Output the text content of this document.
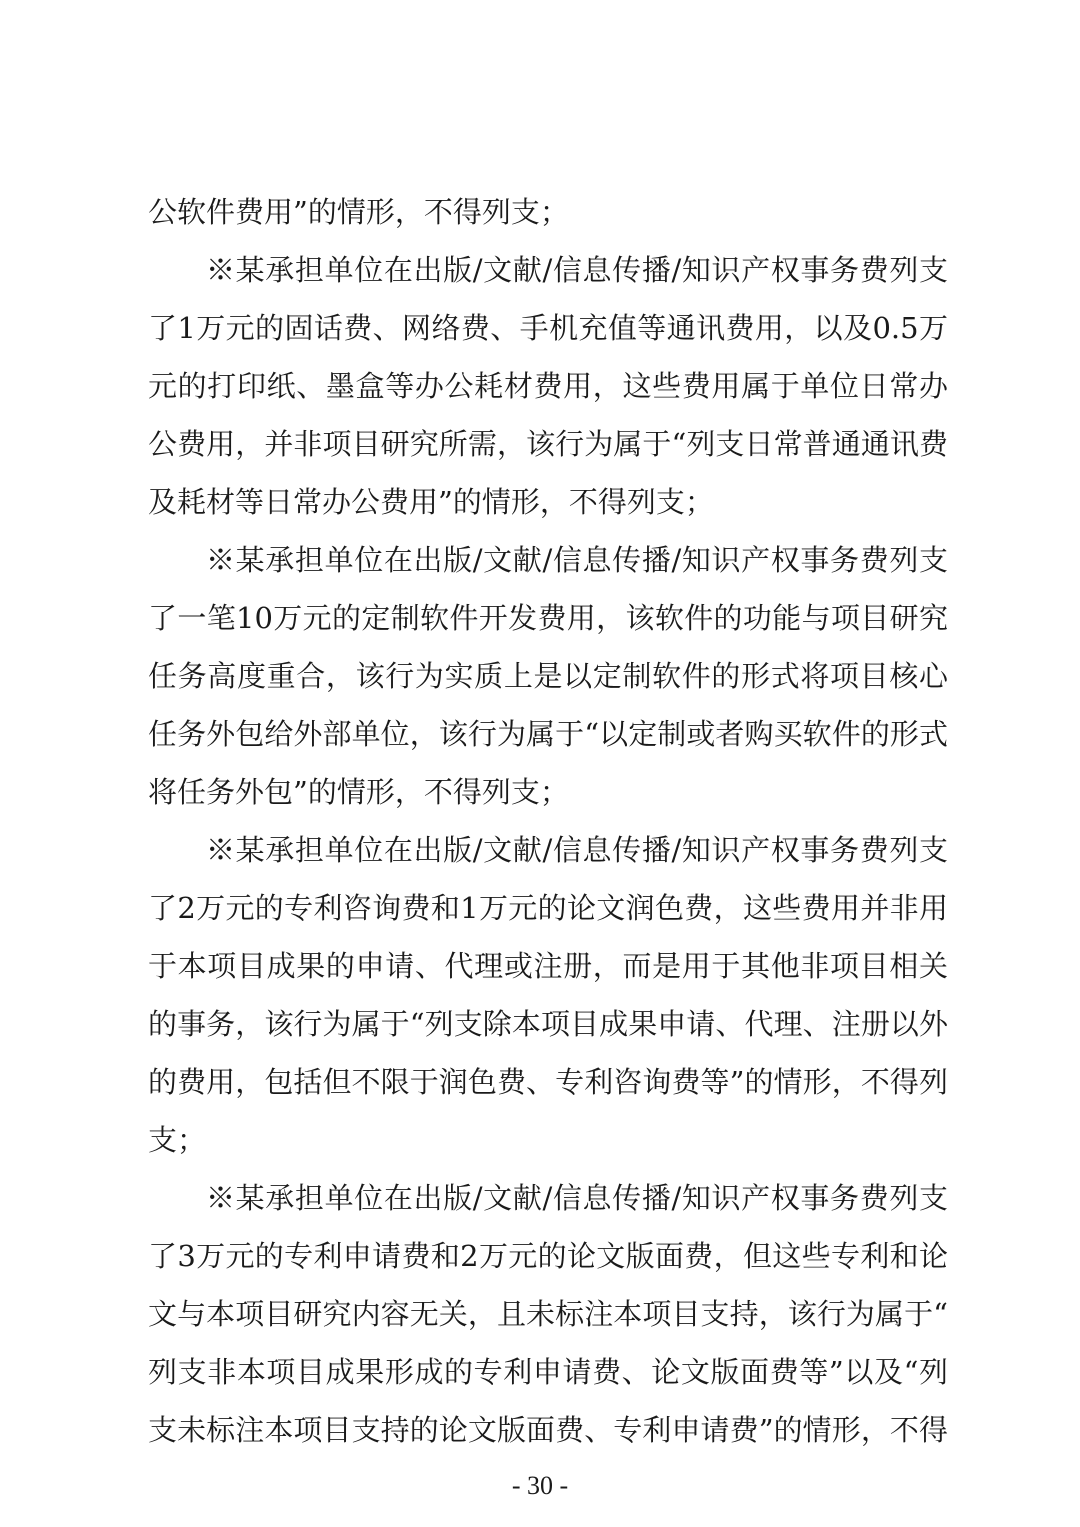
公软件费用”的情形，不得列支；
※某承担单位在出版/文献/信息传播/知识产权事务费列支
了1万元的固话费、网络费、手机充值等通讯费用，以及0.5万
元的打印纸、墨盒等办公耗材费用，这些费用属于单位日常办
公费用，并非项目研究所需，该行为属于“列支日常普通通讯费
及耗材等日常办公费用”的情形，不得列支；
※某承担单位在出版/文献/信息传播/知识产权事务费列支
了一笔10万元的定制软件开发费用，该软件的功能与项目研究
任务高度重合，该行为实质上是以定制软件的形式将项目核心
任务外包给外部单位，该行为属于“以定制或者购买软件的形式
将任务外包”的情形，不得列支；
※某承担单位在出版/文献/信息传播/知识产权事务费列支
了2万元的专利咨询费和1万元的论文润色费，这些费用并非用
于本项目成果的申请、代理或注册，而是用于其他非项目相关
的事务，该行为属于“列支除本项目成果申请、代理、注册以外
的费用，包括但不限于润色费、专利咨询费等”的情形，不得列
支；
※某承担单位在出版/文献/信息传播/知识产权事务费列支
了3万元的专利申请费和2万元的论文版面费，但这些专利和论
文与本项目研究内容无关，且未标注本项目支持，该行为属于“
列支非本项目成果形成的专利申请费、论文版面费等”以及“列
支未标注本项目支持的论文版面费、专利申请费”的情形，不得
- 30 -
